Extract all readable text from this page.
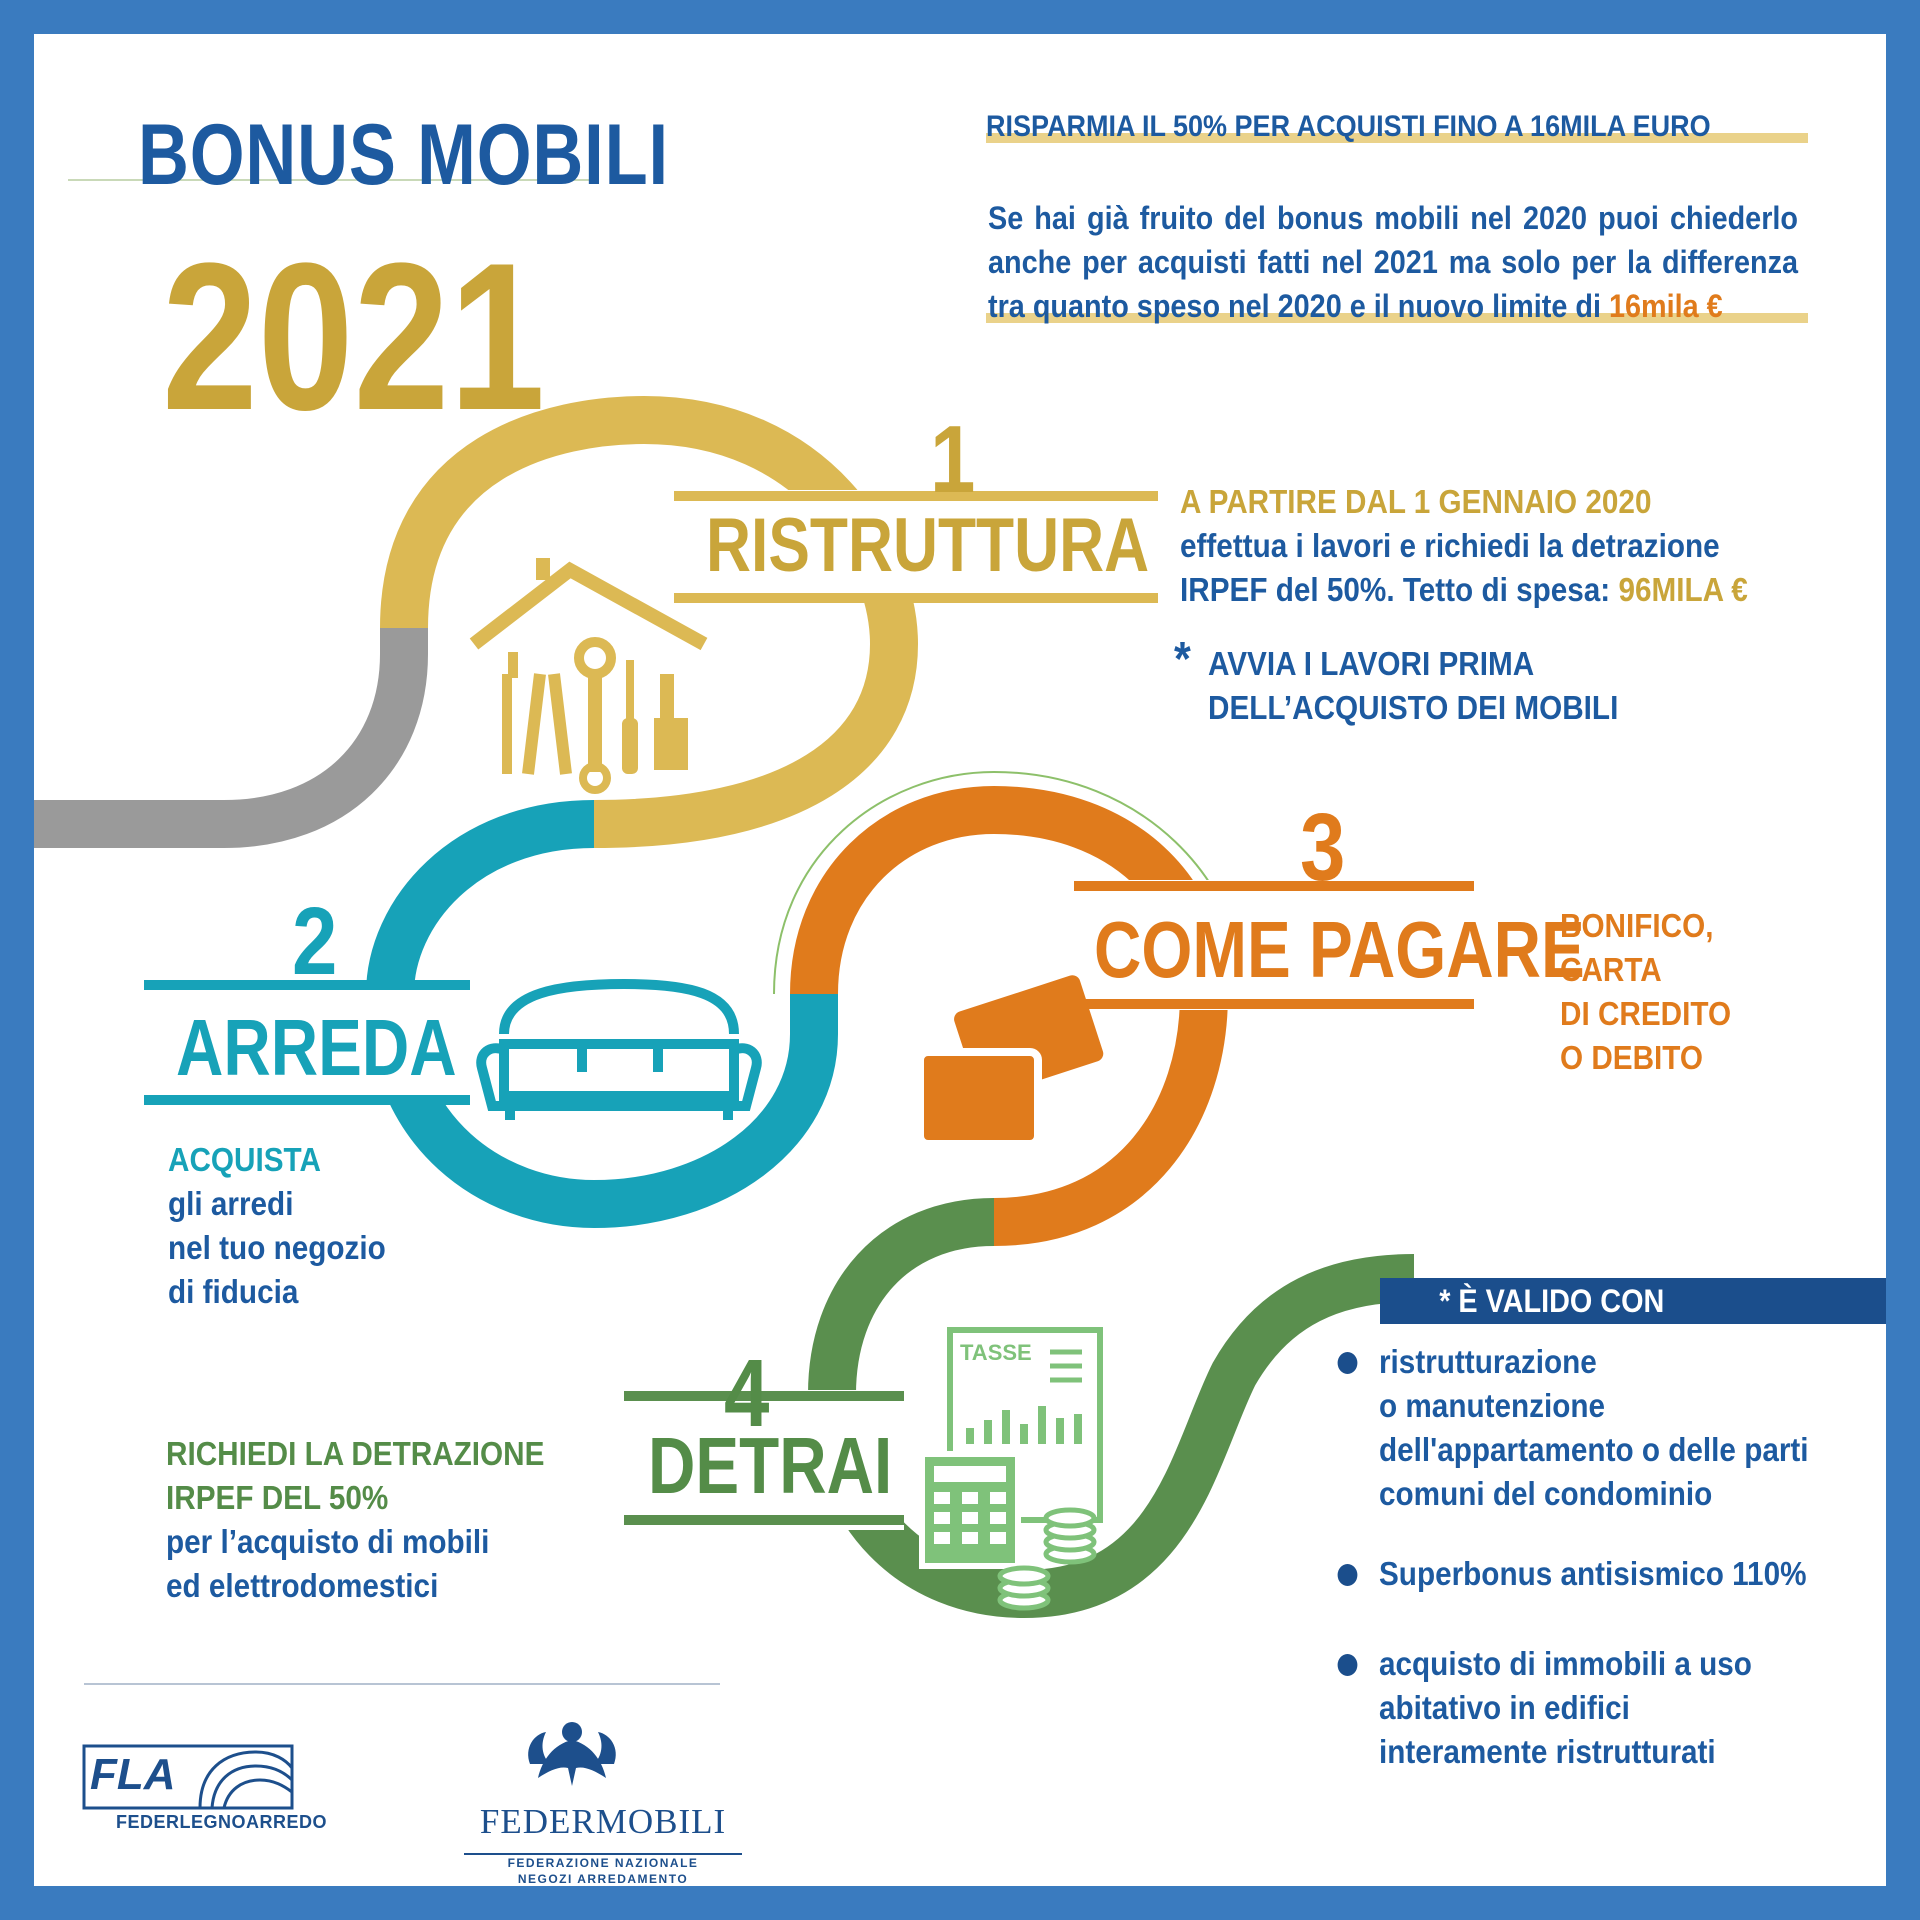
BONUS MOBILI
2021
RISPARMIA IL 50% PER ACQUISTI FINO A 16MILA EURO
Se hai già fruito del bonus mobili nel 2020 puoi chiederlo anche per acquisti fatti nel 2021 ma solo per la differenza tra quanto speso nel 2020 e il nuovo limite di 16mila €
1
RISTRUTTURA
A PARTIRE DAL 1 GENNAIO 2020
effettua i lavori e richiedi la detrazione
IRPEF del 50%. Tetto di spesa: 96MILA €
* AVVIA I LAVORI PRIMA
DELL’ACQUISTO DEI MOBILI
2
ARREDA
ACQUISTA
gli arredi
nel tuo negozio
di fiducia
3
COME PAGARE
BONIFICO,
CARTA
DI CREDITO
O DEBITO
4
DETRAI
TASSE
RICHIEDI LA DETRAZIONE
IRPEF DEL 50%
per l’acquisto di mobili
ed elettrodomestici
* È VALIDO CON
ristrutturazione
o manutenzione
dell'appartamento o delle parti
comuni del condominio
Superbonus antisismico 110%
acquisto di immobili a uso
abitativo in edifici
interamente ristrutturati
FLA
FEDERLEGNOARREDO	FEDERMOBILI
FEDERAZIONE NAZIONALE
NEGOZI ARREDAMENTO
